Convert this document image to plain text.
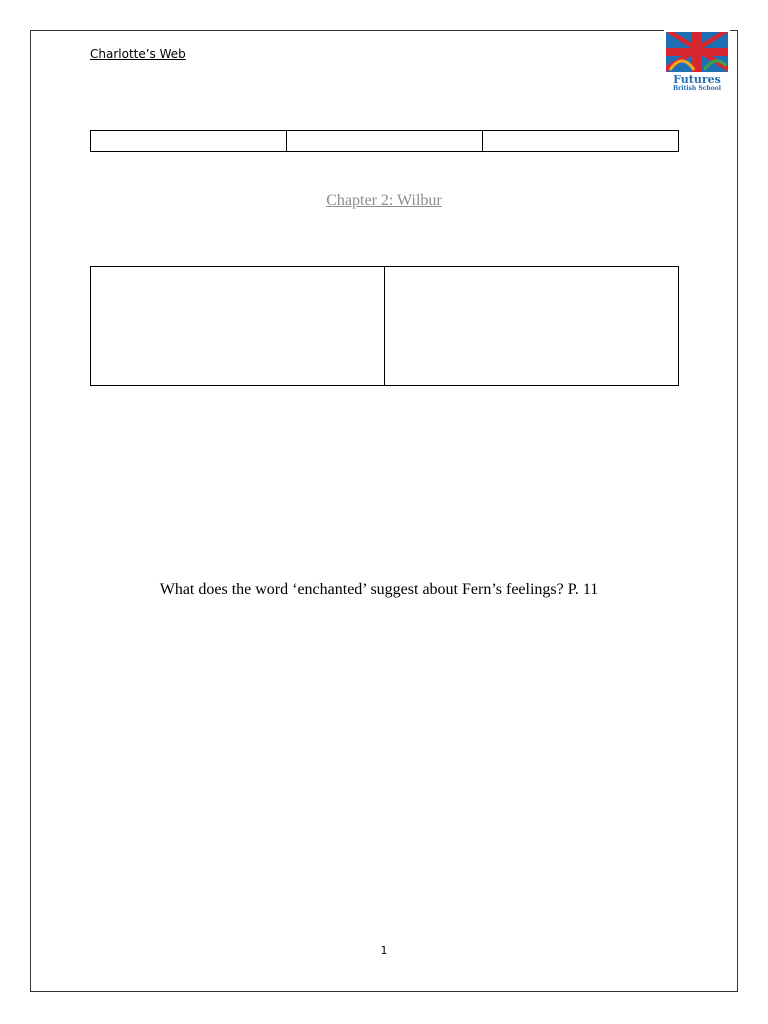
Charlotte’s Web
Futures
British School

Chapter 2: Wilbur

What does the word ‘enchanted’ suggest about Fern’s feelings? P. 11
1
